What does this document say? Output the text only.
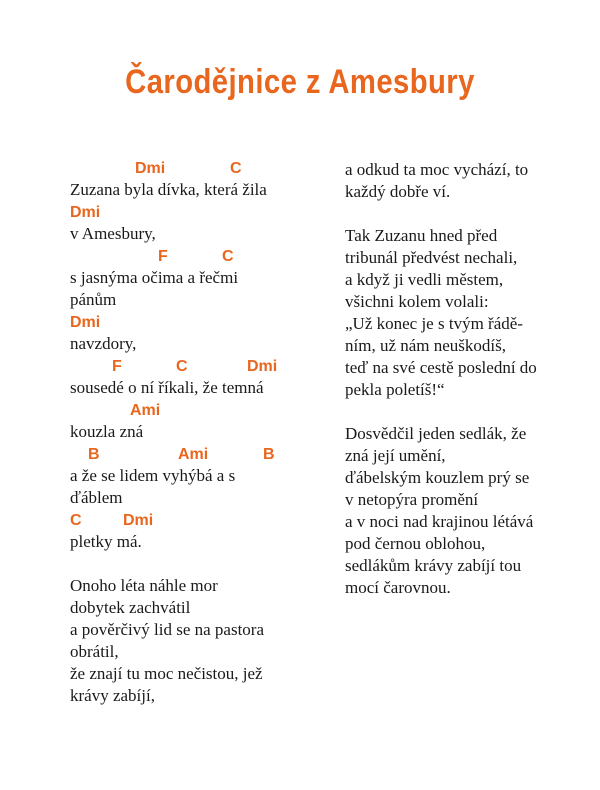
Čarodějnice z Amesbury
Dmi	C

Zuzana byla dívka, která žila

Dmi

v Amesbury,

F	C

s jasnýma očima a řečmi

pánům

Dmi

navzdory,

F	C	Dmi

sousedé o ní říkali, že temná

Ami

kouzla zná

B	Ami	B

a že se lidem vyhýbá a s

ďáblem

C	Dmi

pletky má.

Onoho léta náhle mor

dobytek zachvátil

a pověrčivý lid se na pastora

obrátil,

že znají tu moc nečistou, jež

krávy zabíjí,

a odkud ta moc vychází, to

každý dobře ví.

Tak Zuzanu hned před

tribunál předvést nechali,

a když ji vedli městem,

všichni kolem volali:

„Už konec je s tvým řádě-

ním, už nám neuškodíš,

teď na své cestě poslední do

pekla poletíš!“

Dosvědčil jeden sedlák, že

zná její umění,

ďábelským kouzlem prý se

v netopýra promění

a v noci nad krajinou létává

pod černou oblohou,

sedlákům krávy zabíjí tou

mocí čarovnou.
